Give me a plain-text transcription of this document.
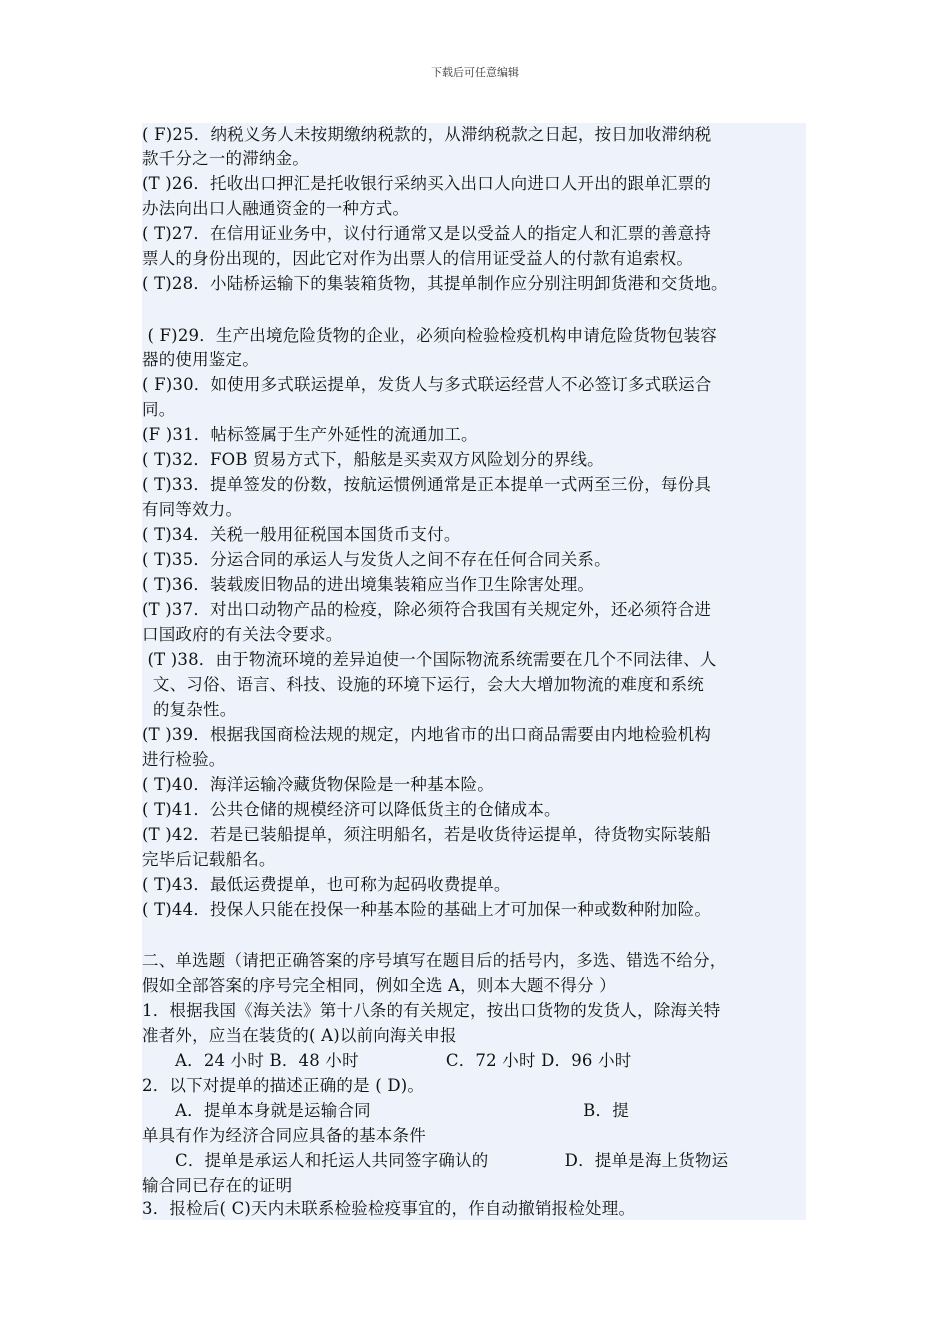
下载后可任意编辑
( F)25．纳税义务人未按期缴纳税款的，从滞纳税款之日起，按日加收滞纳税
款千分之一的滞纳金。
(T )26．托收出口押汇是托收银行采纳买入出口人向进口人开出的跟单汇票的
办法向出口人融通资金的一种方式。
( T)27．在信用证业务中，议付行通常又是以受益人的指定人和汇票的善意持
票人的身份出现的，因此它对作为出票人的信用证受益人的付款有追索权。
( T)28．小陆桥运输下的集装箱货物，其提单制作应分别注明卸货港和交货地。
( F)29．生产出境危险货物的企业，必须向检验检疫机构申请危险货物包装容
器的使用鉴定。
( F)30．如使用多式联运提单，发货人与多式联运经营人不必签订多式联运合
同。
(F )31．帖标签属于生产外延性的流通加工。
( T)32．FOB 贸易方式下，船舷是买卖双方风险划分的界线。
( T)33．提单签发的份数，按航运惯例通常是正本提单一式两至三份，每份具
有同等效力。
( T)34．关税一般用征税国本国货币支付。
( T)35．分运合同的承运人与发货人之间不存在任何合同关系。
( T)36．装载废旧物品的进出境集装箱应当作卫生除害处理。
(T )37．对出口动物产品的检疫，除必须符合我国有关规定外，还必须符合进
口国政府的有关法令要求。
(T )38．由于物流环境的差异迫使一个国际物流系统需要在几个不同法律、人
文、习俗、语言、科技、设施的环境下运行，会大大增加物流的难度和系统
的复杂性。
(T )39．根据我国商检法规的规定，内地省市的出口商品需要由内地检验机构
进行检验。
( T)40．海洋运输冷藏货物保险是一种基本险。
( T)41．公共仓储的规模经济可以降低货主的仓储成本。
(T )42．若是已装船提单，须注明船名，若是收货待运提单，待货物实际装船
完毕后记载船名。
( T)43．最低运费提单，也可称为起码收费提单。
( T)44．投保人只能在投保一种基本险的基础上才可加保一种或数种附加险。
二、单选题（请把正确答案的序号填写在题目后的括号内，多选、错选不给分，
假如全部答案的序号完全相同，例如全选 A，则本大题不得分 ）
1．根据我国《海关法》第十八条的有关规定，按出口货物的发货人，除海关特
准者外，应当在装货的( A)以前向海关申报
A．24 小时 B．48 小时                C．72 小时 D．96 小时
2．以下对提单的描述正确的是 ( D)。
A．提单本身就是运输合同                                       B．提
单具有作为经济合同应具备的基本条件
C．提单是承运人和托运人共同签字确认的              D．提单是海上货物运
输合同已存在的证明
3．报检后( C)天内未联系检验检疫事宜的，作自动撤销报检处理。
